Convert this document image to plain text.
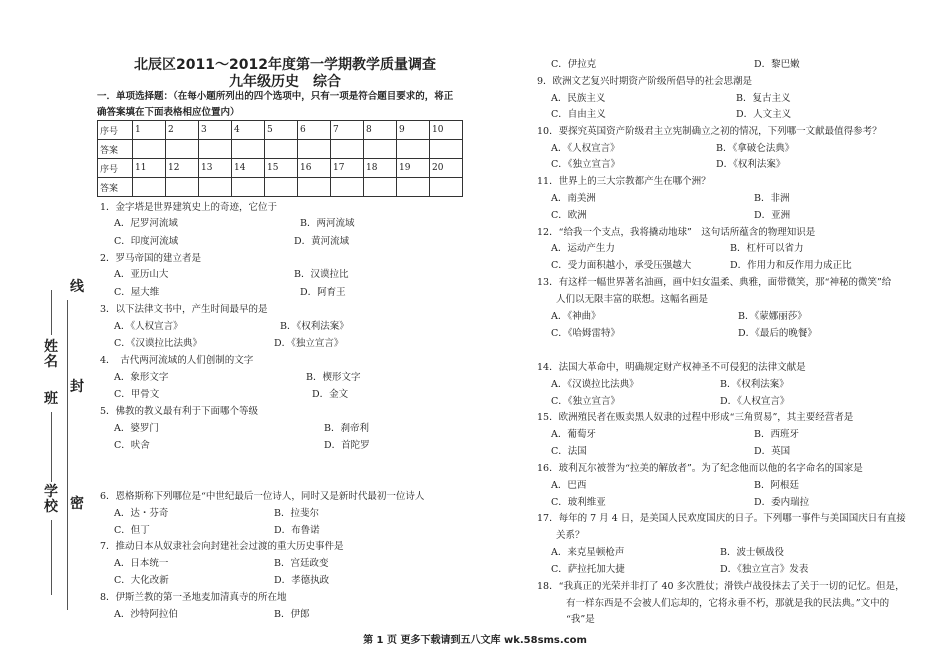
北辰区2011～2012年度第一学期教学质量调查
九年级历史　综合
一．单项选择题：（在每小题所列出的四个选项中，只有一项是符合题目要求的，将正
确答案填在下面表格相应位置内）
序号	1	2	3	4	5	6	7	8	9	10
答案										
序号	11	12	13	14	15	16	17	18	19	20
答案										
线
封
密
姓名
班
学校
1．金字塔是世界建筑史上的奇迹，它位于
A．尼罗河流域	B．两河流域
C．印度河流域	D．黄河流域
2．罗马帝国的建立者是
A．亚历山大	B．汉谟拉比
C．屋大维	D．阿育王
3．以下法律文书中，产生时间最早的是
A．《人权宣言》	B．《权利法案》
C．《汉谟拉比法典》	D．《独立宣言》
4．　古代两河流域的人们创制的文字
A．象形文字	B．楔形文字
C．甲骨文	D．金文
5．佛教的教义最有利于下面哪个等级
A．婆罗门	B．刹帝利
C．吠舍	D．首陀罗
6．恩格斯称下列哪位是“中世纪最后一位诗人，同时又是新时代最初一位诗人
A．达・芬奇	B．拉斐尔
C．但丁	D．布鲁诺
7．推动日本从奴隶社会向封建社会过渡的重大历史事件是
A．日本统一	B．宫廷政变
C．大化改新	D．孝德执政
8．伊斯兰教的第一圣地麦加清真寺的所在地
A．沙特阿拉伯	B．伊郎
C．伊拉克	D．黎巴嫩
9．欧洲文艺复兴时期资产阶级所倡导的社会思潮是
A．民族主义	B．复古主义
C．自由主义	D．人文主义
10．要探究英国资产阶级君主立宪制确立之初的情况，下列哪一文献最值得参考？
A．《人权宣言》	B．《拿破仑法典》
C．《独立宣言》	D．《权利法案》
11．世界上的三大宗教都产生在哪个洲？
A．南美洲	B．非洲
C．欧洲	D．亚洲
12．“给我一个支点，我将撬动地球”　这句话所蕴含的物理知识是
A．运动产生力	B．杠杆可以省力
C．受力面积越小，承受压强越大	D．作用力和反作用力成正比
13．有这样一幅世界著名油画，画中妇女温柔、典雅，面带微笑，那“神秘的微笑”给
人们以无限丰富的联想。这幅名画是
A．《神曲》	B．《蒙娜丽莎》
C．《哈姆雷特》	D．《最后的晚餐》
14．法国大革命中，明确规定财产权神圣不可侵犯的法律文献是
A．《汉谟拉比法典》	B．《权利法案》
C．《独立宣言》	D．《人权宣言》
15．欧洲殖民者在贩卖黑人奴隶的过程中形成“三角贸易”，其主要经营者是
A．葡萄牙	B．西班牙
C．法国	D．英国
16．玻利瓦尔被誉为“拉美的解放者”。为了纪念他而以他的名字命名的国家是
A．巴西	B．阿根廷
C．玻利维亚	D．委内瑞拉
17．每年的 7 月 4 日，是美国人民欢度国庆的日子。下列哪一事件与美国国庆日有直接
关系？
A．来克星顿枪声	B．波士顿战役
C．萨拉托加大捷	D．《独立宣言》发表
18．“我真正的光荣并非打了 40 多次胜仗；滑铁卢战役抹去了关于一切的记忆。但是，
有一样东西是不会被人们忘却的，它将永垂不朽，那就是我的民法典。”文中的
“我”是
第 1 页 更多下载请到五八文库 wk.58sms.com
